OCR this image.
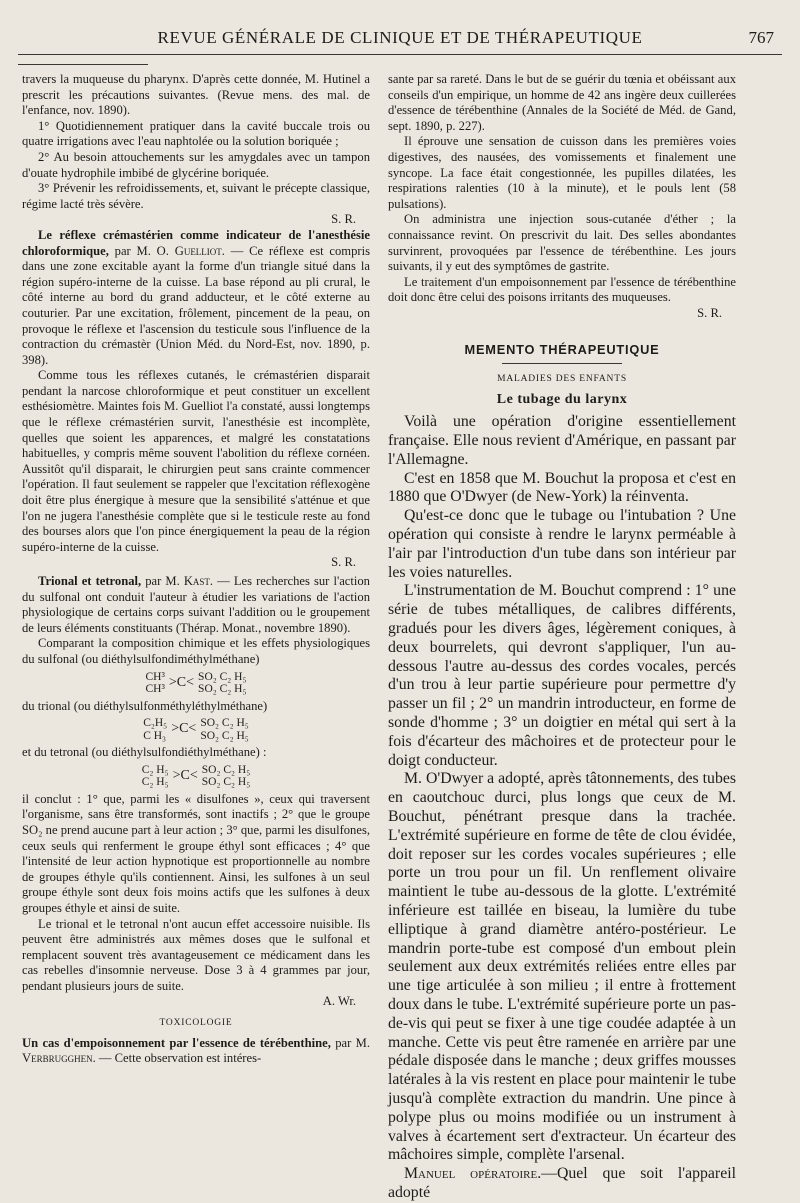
REVUE GÉNÉRALE DE CLINIQUE ET DE THÉRAPEUTIQUE	767

travers la muqueuse du pharynx. D'après cette donnée, M. Hutinel a prescrit les précautions suivantes. (Revue mens. des mal. de l'enfance, nov. 1890).

1° Quotidiennement pratiquer dans la cavité buccale trois ou quatre irrigations avec l'eau naphtolée ou la solution boriquée ;

2° Au besoin attouchements sur les amygdales avec un tampon d'ouate hydrophile imbibé de glycérine boriquée.

3° Prévenir les refroidissements, et, suivant le précepte classique, régime lacté très sévère.

S. R.

Le réflexe crémastérien comme indicateur de l'anesthésie chloroformique, par M. O. Guelliot. — Ce réflexe est compris dans une zone excitable ayant la forme d'un triangle situé dans la région supéro-interne de la cuisse. La base répond au pli crural, le côté interne au bord du grand adducteur, et le côté externe au couturier. Par une excitation, frôlement, pincement de la peau, on provoque le réflexe et l'ascension du testicule sous l'influence de la contraction du crémastèr (Union Méd. du Nord-Est, nov. 1890, p. 398).

Comme tous les réflexes cutanés, le crémastérien disparait pendant la narcose chloroformique et peut constituer un excellent esthésiomètre. Maintes fois M. Guelliot l'a constaté, aussi longtemps que le réflexe crémastérien survit, l'anesthésie est incomplète, quelles que soient les apparences, et malgré les constatations habituelles, y compris même souvent l'abolition du réflexe cornéen. Aussitôt qu'il disparait, le chirurgien peut sans crainte commencer l'opération. Il faut seulement se rappeler que l'excitation réflexogène doit être plus énergique à mesure que la sensibilité s'atténue et que l'on ne jugera l'anesthésie complète que si le testicule reste au fond des bourses alors que l'on pince énergiquement la peau de la région supéro-interne de la cuisse.

S. R.

Trional et tetronal, par M. Kast. — Les recherches sur l'action du sulfonal ont conduit l'auteur à étudier les variations de l'action physiologique de certains corps suivant l'addition ou le groupement de leurs éléments constituants (Thérap. Monat., novembre 1890).

Comparant la composition chimique et les effets physiologiques du sulfonal (ou diéthylsulfondiméthylméthane)

CH³
CH³ >C< SO₂ C₂ H₅
SO₂ C₂ H₅

du trional (ou diéthylsulfonméthyléthylméthane)

C₂H₅
C H₃ >C< SO₂ C₂ H₅
SO₂ C₂ H₅

et du tetronal (ou diéthylsulfondiéthylméthane) :

C₂ H₅
C₂ H₅ >C< SO₂ C₂ H₅
SO₂ C₂ H₅

il conclut : 1° que, parmi les « disulfones », ceux qui traversent l'organisme, sans être transformés, sont inactifs ; 2° que le groupe SO₂ ne prend aucune part à leur action ; 3° que, parmi les disulfones, ceux seuls qui renferment le groupe éthyl sont efficaces ; 4° que l'intensité de leur action hypnotique est proportionnelle au nombre de groupes éthyle qu'ils contiennent. Ainsi, les sulfones à un seul groupe éthyle sont deux fois moins actifs que les sulfones à deux groupes éthyle et ainsi de suite.

Le trional et le tetronal n'ont aucun effet accessoire nuisible. Ils peuvent être administrés aux mêmes doses que le sulfonal et remplacent souvent très avantageusement ce médicament dans les cas rebelles d'insomnie nerveuse. Dose 3 à 4 grammes par jour, pendant plusieurs jours de suite.

A. Wr.

TOXICOLOGIE

Un cas d'empoisonnement par l'essence de térébenthine, par M. Verbrugghen. — Cette observation est intéres-

sante par sa rareté. Dans le but de se guérir du tœnia et obéissant aux conseils d'un empirique, un homme de 42 ans ingère deux cuillerées d'essence de térébenthine (Annales de la Société de Méd. de Gand, sept. 1890, p. 227).

Il éprouve une sensation de cuisson dans les premières voies digestives, des nausées, des vomissements et finalement une syncope. La face était congestionnée, les pupilles dilatées, les respirations ralenties (10 à la minute), et le pouls lent (58 pulsations).

On administra une injection sous-cutanée d'éther ; la connaissance revint. On prescrivit du lait. Des selles abondantes survinrent, provoquées par l'essence de térébenthine. Les jours suivants, il y eut des symptômes de gastrite.

Le traitement d'un empoisonnement par l'essence de térébenthine doit donc être celui des poisons irritants des muqueuses.

S. R.

MEMENTO THÉRAPEUTIQUE
MALADIES DES ENFANTS
Le tubage du larynx

Voilà une opération d'origine essentiellement française. Elle nous revient d'Amérique, en passant par l'Allemagne.

C'est en 1858 que M. Bouchut la proposa et c'est en 1880 que O'Dwyer (de New-York) la réinventa.

Qu'est-ce donc que le tubage ou l'intubation ? Une opération qui consiste à rendre le larynx perméable à l'air par l'introduction d'un tube dans son intérieur par les voies naturelles.

L'instrumentation de M. Bouchut comprend : 1° une série de tubes métalliques, de calibres différents, gradués pour les divers âges, légèrement coniques, à deux bourrelets, qui devront s'appliquer, l'un au-dessous l'autre au-dessus des cordes vocales, percés d'un trou à leur partie supérieure pour permettre d'y passer un fil ; 2° un mandrin introducteur, en forme de sonde d'homme ; 3° un doigtier en métal qui sert à la fois d'écarteur des mâchoires et de protecteur pour le doigt conducteur.

M. O'Dwyer a adopté, après tâtonnements, des tubes en caoutchouc durci, plus longs que ceux de M. Bouchut, pénétrant presque dans la trachée. L'extrémité supérieure en forme de tête de clou évidée, doit reposer sur les cordes vocales supérieures ; elle porte un trou pour un fil. Un renflement olivaire maintient le tube au-dessous de la glotte. L'extrémité inférieure est taillée en biseau, la lumière du tube elliptique à grand diamètre antéro-postérieur. Le mandrin porte-tube est composé d'un embout plein seulement aux deux extrémités reliées entre elles par une tige articulée à son milieu ; il entre à frottement doux dans le tube. L'extrémité supérieure porte un pas-de-vis qui peut se fixer à une tige coudée adaptée à un manche. Cette vis peut être ramenée en arrière par une pédale disposée dans le manche ; deux griffes mousses latérales à la vis restent en place pour maintenir le tube jusqu'à complète extraction du mandrin. Une pince à polype plus ou moins modifiée ou un instrument à valves à écartement sert d'extracteur. Un écarteur des mâchoires simple, complète l'arsenal.

Manuel opératoire.—Quel que soit l'appareil adopté
